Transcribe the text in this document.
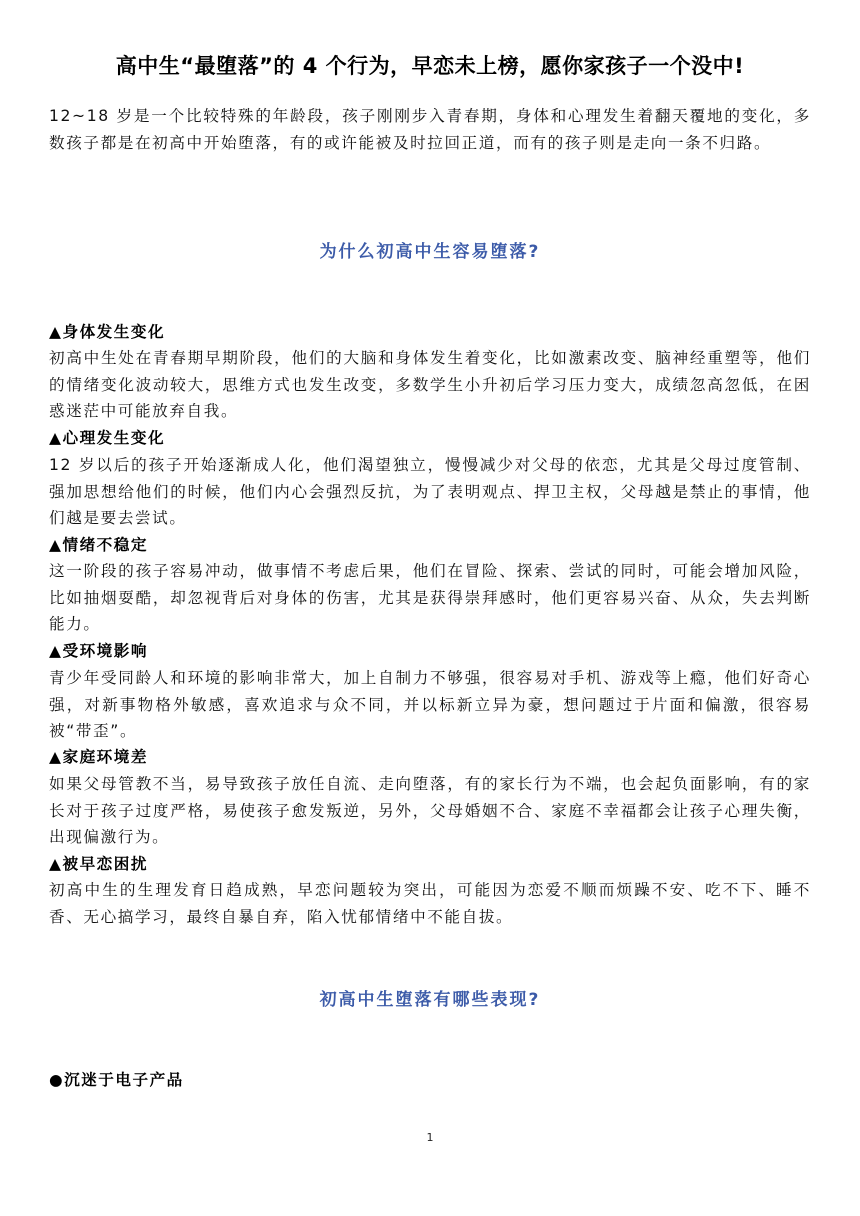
高中生“最堕落”的 4 个行为，早恋未上榜，愿你家孩子一个没中!

12~18 岁是一个比较特殊的年龄段，孩子刚刚步入青春期，身体和心理发生着翻天覆地的变化，多数孩子都是在初高中开始堕落，有的或许能被及时拉回正道，而有的孩子则是走向一条不归路。

为什么初高中生容易堕落?
▲身体发生变化

初高中生处在青春期早期阶段，他们的大脑和身体发生着变化，比如激素改变、脑神经重塑等，他们的情绪变化波动较大，思维方式也发生改变，多数学生小升初后学习压力变大，成绩忽高忽低，在困惑迷茫中可能放弃自我。

▲心理发生变化

12 岁以后的孩子开始逐渐成人化，他们渴望独立，慢慢减少对父母的依恋，尤其是父母过度管制、强加思想给他们的时候，他们内心会强烈反抗，为了表明观点、捍卫主权，父母越是禁止的事情，他们越是要去尝试。

▲情绪不稳定

这一阶段的孩子容易冲动，做事情不考虑后果，他们在冒险、探索、尝试的同时，可能会增加风险，比如抽烟耍酷，却忽视背后对身体的伤害，尤其是获得崇拜感时，他们更容易兴奋、从众，失去判断能力。

▲受环境影响

青少年受同龄人和环境的影响非常大，加上自制力不够强，很容易对手机、游戏等上瘾，他们好奇心强，对新事物格外敏感，喜欢追求与众不同，并以标新立异为豪，想问题过于片面和偏激，很容易被“带歪”。

▲家庭环境差

如果父母管教不当，易导致孩子放任自流、走向堕落，有的家长行为不端，也会起负面影响，有的家长对于孩子过度严格，易使孩子愈发叛逆，另外，父母婚姻不合、家庭不幸福都会让孩子心理失衡，出现偏激行为。

▲被早恋困扰

初高中生的生理发育日趋成熟，早恋问题较为突出，可能因为恋爱不顺而烦躁不安、吃不下、睡不香、无心搞学习，最终自暴自弃，陷入忧郁情绪中不能自拔。

初高中生堕落有哪些表现?
●沉迷于电子产品
1
